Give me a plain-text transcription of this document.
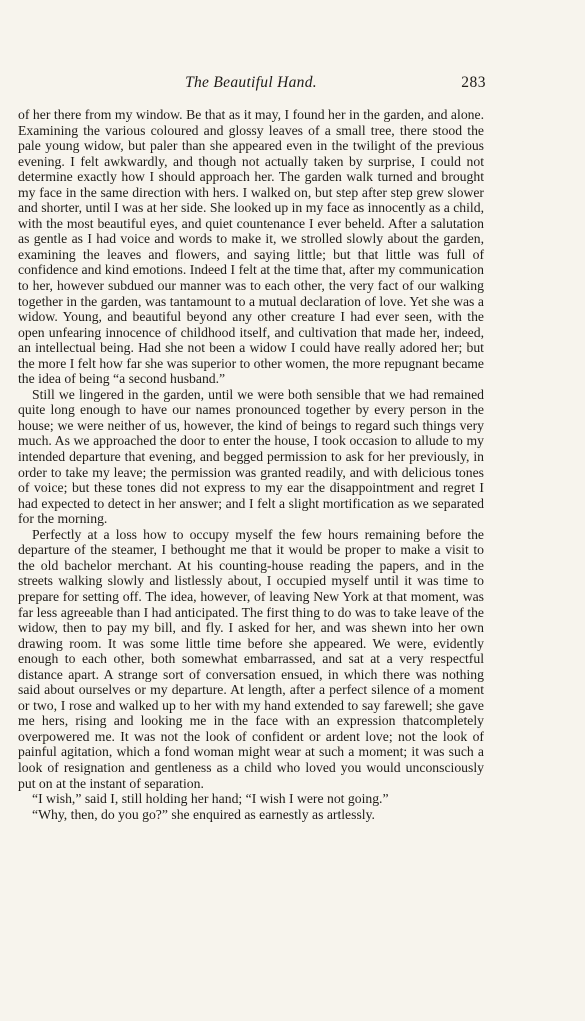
The Beautiful Hand.	283

of her there from my window. Be that as it may, I found her in the garden, and alone. Examining the various coloured and glossy leaves of a small tree, there stood the pale young widow, but paler than she appeared even in the twilight of the previous evening. I felt awkwardly, and though not actually taken by surprise, I could not determine exactly how I should approach her. The garden walk turned and brought my face in the same direction with hers. I walked on, but step after step grew slower and shorter, until I was at her side. She looked up in my face as innocently as a child, with the most beautiful eyes, and quiet countenance I ever beheld. After a salutation as gentle as I had voice and words to make it, we strolled slowly about the garden, examining the leaves and flowers, and saying little; but that little was full of confidence and kind emotions. Indeed I felt at the time that, after my communication to her, however subdued our manner was to each other, the very fact of our walking together in the garden, was tantamount to a mutual declaration of love. Yet she was a widow. Young, and beautiful beyond any other creature I had ever seen, with the open unfearing innocence of childhood itself, and cultivation that made her, indeed, an intellectual being. Had she not been a widow I could have really adored her; but the more I felt how far she was superior to other women, the more repugnant became the idea of being “a second husband.”

Still we lingered in the garden, until we were both sensible that we had remained quite long enough to have our names pronounced together by every person in the house; we were neither of us, however, the kind of beings to regard such things very much. As we approached the door to enter the house, I took occasion to allude to my intended departure that evening, and begged permission to ask for her previously, in order to take my leave; the permission was granted readily, and with delicious tones of voice; but these tones did not express to my ear the disappointment and regret I had expected to detect in her answer; and I felt a slight mortification as we separated for the morning.

Perfectly at a loss how to occupy myself the few hours remaining before the departure of the steamer, I bethought me that it would be proper to make a visit to the old bachelor merchant. At his counting-house reading the papers, and in the streets walking slowly and listlessly about, I occupied myself until it was time to prepare for setting off. The idea, however, of leaving New York at that moment, was far less agreeable than I had anticipated. The first thing to do was to take leave of the widow, then to pay my bill, and fly. I asked for her, and was shewn into her own drawing room. It was some little time before she appeared. We were, evidently enough to each other, both somewhat embarrassed, and sat at a very respectful distance apart. A strange sort of conversation ensued, in which there was nothing said about ourselves or my departure. At length, after a perfect silence of a moment or two, I rose and walked up to her with my hand extended to say farewell; she gave me hers, rising and looking me in the face with an expression thatcompletely overpowered me. It was not the look of confident or ardent love; not the look of painful agitation, which a fond woman might wear at such a moment; it was such a look of resignation and gentleness as a child who loved you would unconsciously put on at the instant of separation.

“I wish,” said I, still holding her hand; “I wish I were not going.”

“Why, then, do you go?” she enquired as earnestly as artlessly.
